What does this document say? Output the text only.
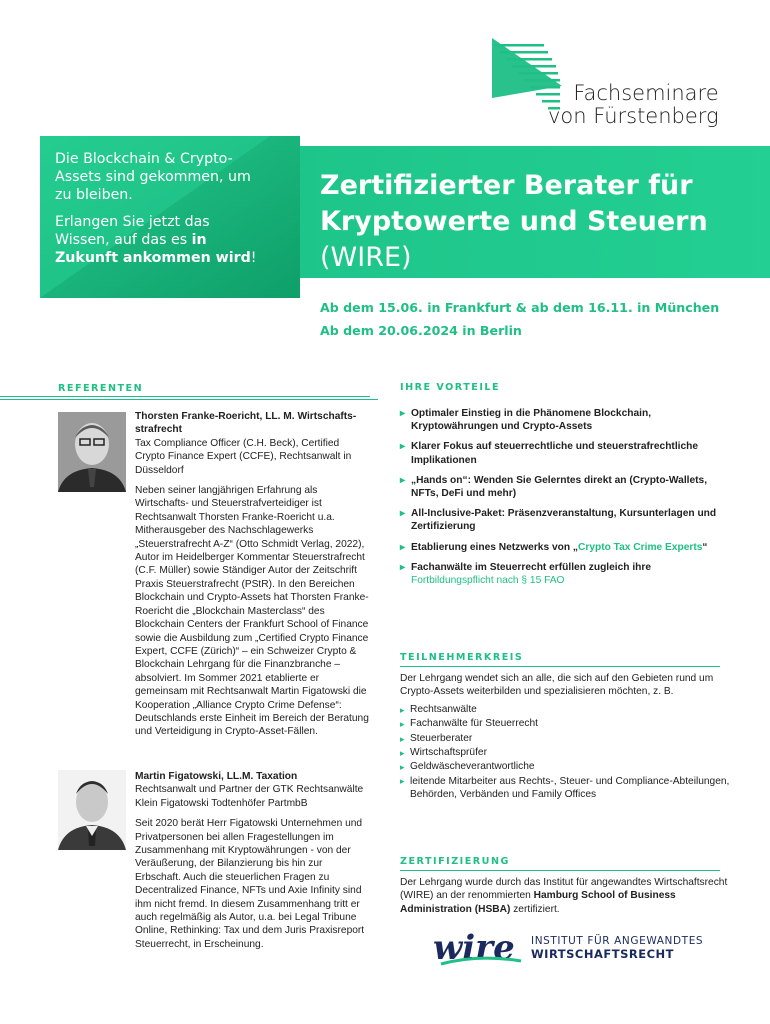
Fachseminare
von Fürstenberg

Die Blockchain & Crypto-Assets sind gekommen, um zu bleiben.

Erlangen Sie jetzt das Wissen, auf das es in Zukunft ankommen wird!

Zertifizierter Berater für
Kryptowerte und Steuern
(WIRE)
Ab dem 15.06. in Frankfurt & ab dem 16.11. in München
Ab dem 20.06.2024 in Berlin
REFERENTEN

Thorsten Franke-Roericht, LL. M. Wirtschafts-strafrecht

Tax Compliance Officer (C.H. Beck), Certified Crypto Finance Expert (CCFE), Rechtsanwalt in Düsseldorf

Neben seiner langjährigen Erfahrung als Wirtschafts- und Steuerstrafverteidiger ist Rechtsanwalt Thorsten Franke-Roericht u.a. Mitherausgeber des Nachschlagewerks „Steuerstrafrecht A-Z“ (Otto Schmidt Verlag, 2022), Autor im Heidelberger Kommentar Steuerstrafrecht (C.F. Müller) sowie Ständiger Autor der Zeitschrift Praxis Steuerstrafrecht (PStR). In den Bereichen Blockchain und Crypto-Assets hat Thorsten Franke-Roericht die „Blockchain Masterclass“ des Blockchain Centers der Frankfurt School of Finance sowie die Ausbildung zum „Certified Crypto Finance Expert, CCFE (Zürich)“ – ein Schweizer Crypto & Blockchain Lehrgang für die Finanzbranche – absolviert. Im Sommer 2021 etablierte er gemeinsam mit Rechtsanwalt Martin Figatowski die Kooperation „Alliance Crypto Crime Defense“: Deutschlands erste Einheit im Bereich der Beratung und Verteidigung in Crypto-Asset-Fällen.

Martin Figatowski, LL.M. Taxation

Rechtsanwalt und Partner der GTK Rechtsanwälte Klein Figatowski Todtenhöfer PartmbB

Seit 2020 berät Herr Figatowski Unternehmen und Privatpersonen bei allen Fragestellungen im Zusammenhang mit Kryptowährungen - von der Veräußerung, der Bilanzierung bis hin zur Erbschaft. Auch die steuerlichen Fragen zu Decentralized Finance, NFTs und Axie Infinity sind ihm nicht fremd. In diesem Zusammenhang tritt er auch regelmäßig als Autor, u.a. bei Legal Tribune Online, Rethinking: Tax und dem Juris Praxisreport Steuerrecht, in Erscheinung.

IHRE VORTEILE
▸ Optimaler Einstieg in die Phänomene Blockchain, Kryptowährungen und Crypto-Assets
▸ Klarer Fokus auf steuerrechtliche und steuerstrafrechtliche Implikationen
▸ „Hands on“: Wenden Sie Gelerntes direkt an (Crypto-Wallets, NFTs, DeFi und mehr)
▸ All-Inclusive-Paket: Präsenzveranstaltung, Kursunterlagen und Zertifizierung
▸ Etablierung eines Netzwerks von „Crypto Tax Crime Experts“
▸ Fachanwälte im Steuerrecht erfüllen zugleich ihre Fortbildungspflicht nach § 15 FAO
TEILNEHMERKREIS
Der Lehrgang wendet sich an alle, die sich auf den Gebieten rund um Crypto-Assets weiterbilden und spezialisieren möchten, z. B.
▸ Rechtsanwälte
▸ Fachanwälte für Steuerrecht
▸ Steuerberater
▸ Wirtschaftsprüfer
▸ Geldwäscheverantwortliche
▸ leitende Mitarbeiter aus Rechts-, Steuer- und Compliance-Abteilungen, Behörden, Verbänden und Family Offices
ZERTIFIZIERUNG
Der Lehrgang wurde durch das Institut für angewandtes Wirtschaftsrecht (WIRE) an der renommierten Hamburg School of Business Administration (HSBA) zertifiziert.
wire INSTITUT FÜR ANGEWANDTES
WIRTSCHAFTSRECHT
